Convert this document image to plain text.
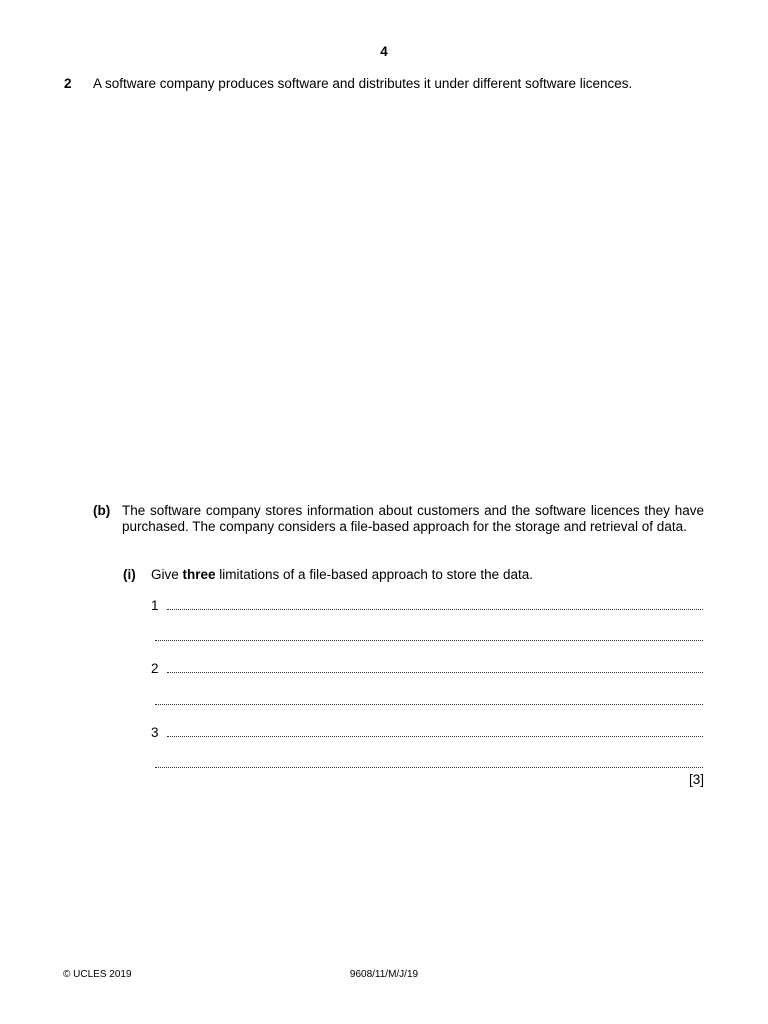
4
2 A software company produces software and distributes it under different software licences.
(b) The software company stores information about customers and the software licences they have purchased. The company considers a file-based approach for the storage and retrieval of data.
(i) Give three limitations of a file-based approach to store the data.
1
2
3
[3]
© UCLES 2019	9608/11/M/J/19
